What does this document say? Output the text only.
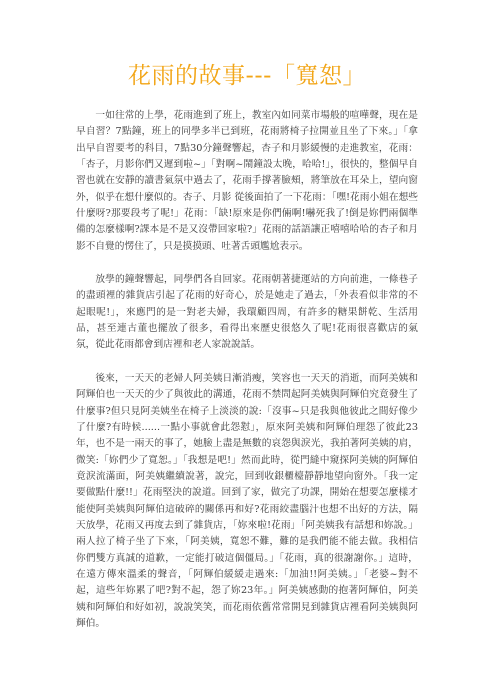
花雨的故事---「寬恕」

一如往常的上學，花雨進到了班上，教室內如同菜市場般的喧嘩聲，現在是早自習？7點鐘，班上的同學多半已到班，花雨將椅子拉開並且坐了下來。」「拿出早自習要考的科目，7點30分鐘聲響起，杏子和月影緩慢的走進教室，花雨：「杏子，月影你們又遲到啦~」「對啊~鬧鐘設太晚，哈哈!」，很快的，整個早自習也就在安靜的讀書氣氛中過去了，花雨手撐著臉頰，將筆放在耳朵上，望向窗外，似乎在想什麼似的。杏子、月影 從後面拍了一下花雨：「嘿!花雨小姐在想些什麼呀?那要段考了呢!」花雨：「缺!原來是你們倆啊!嚇死我了!倒是妳們兩個準備的怎麼樣啊?課本是不是又沒帶回家啦?」花雨的話語讓正嘻嘻哈哈的杏子和月影不自覺的愣住了，只是摸摸頭、吐著舌頭尷尬表示。

放學的鐘聲響起，同學們各自回家。花雨朝著捷運站的方向前進，一條巷子的盡頭裡的雜貨店引起了花雨的好奇心，於是她走了過去，「外表看似非常的不起眼呢!」，來應門的是一對老夫婦，我環顧四周，有許多的糖果餅乾、生活用品，甚至連古董也擺放了很多，看得出來歷史很悠久了呢!花雨很喜歡店的氣氛，從此花雨都會到店裡和老人家說說話。

後來，一天天的老婦人阿美姨日漸消瘦，笑容也一天天的消逝，而阿美姨和阿輝伯也一天天的少了與彼此的溝通，花雨不禁問起阿美姨與阿輝伯究竟發生了什麼事?但只見阿美姨坐在椅子上淡淡的說:「沒事~只是我與他彼此之間好像少了什麼?有時候......一點小事就會此怨懟」，原來阿美姨和阿輝伯理怨了彼此23年，也不是一兩天的事了，她臉上盡是無數的哀怨與淚光，我拍著阿美姨的肩，微笑:「妳們少了寬恕。」「我想是吧!」然而此時，從門縫中窺探阿美姨的阿輝伯竟淚流滿面，阿美姨繼續說著，說完，回到收銀櫃檯靜靜地望向窗外。「我一定要做點什麼!!」花雨堅決的說道。回到了家，做完了功課，開始在想要怎麼樣才能使阿美姨與阿輝伯這破碎的關係再和好?花雨絞盡腦汁也想不出好的方法，隔天放學，花雨又再度去到了雜貨店，「妳來啦!花雨」「阿美姨我有話想和妳說。」兩人拉了椅子坐了下來，「阿美姨，寬恕不難，難的是我們能不能去做。我相信你們雙方真誠的道歉，一定能打破這個僵局。」「花雨，真的很謝謝你。」這時，在遠方傳來溫柔的聲音，「阿輝伯緩緩走過來:「加油!!阿美姨。」「老婆~對不起，這些年妳累了吧?對不起，怨了妳23年。」阿美姨感動的抱著阿輝伯，阿美姨和阿輝伯和好如初，說說笑笑，而花雨依舊常常開見到雜貨店裡看阿美姨與阿輝伯。
